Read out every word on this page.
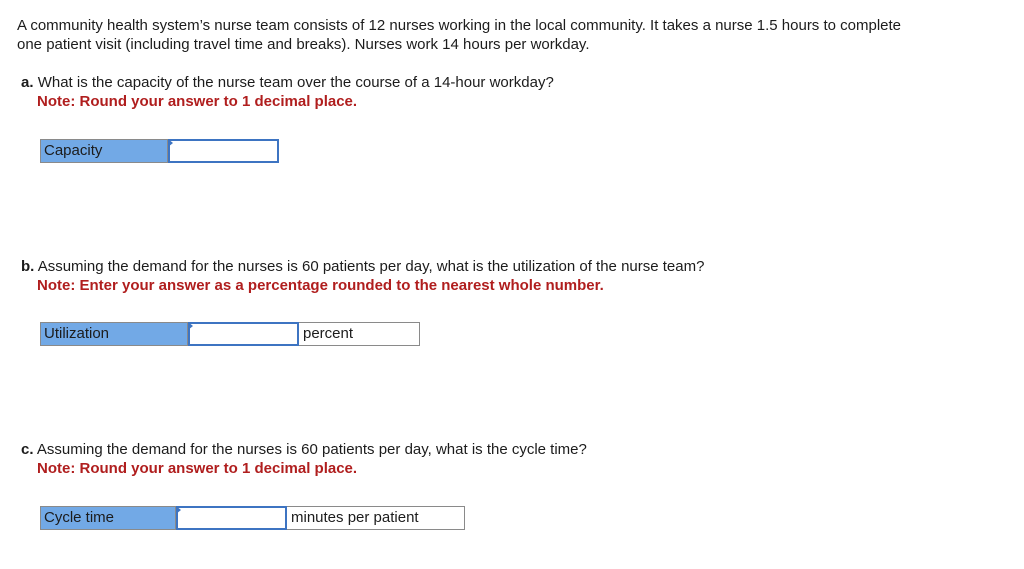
A community health system’s nurse team consists of 12 nurses working in the local community. It takes a nurse 1.5 hours to complete
one patient visit (including travel time and breaks). Nurses work 14 hours per workday.
a. What is the capacity of the nurse team over the course of a 14-hour workday?
Note: Round your answer to 1 decimal place.
Capacity
b. Assuming the demand for the nurses is 60 patients per day, what is the utilization of the nurse team?
Note: Enter your answer as a percentage rounded to the nearest whole number.
Utilization	percent
c. Assuming the demand for the nurses is 60 patients per day, what is the cycle time?
Note: Round your answer to 1 decimal place.
Cycle time	minutes per patient
